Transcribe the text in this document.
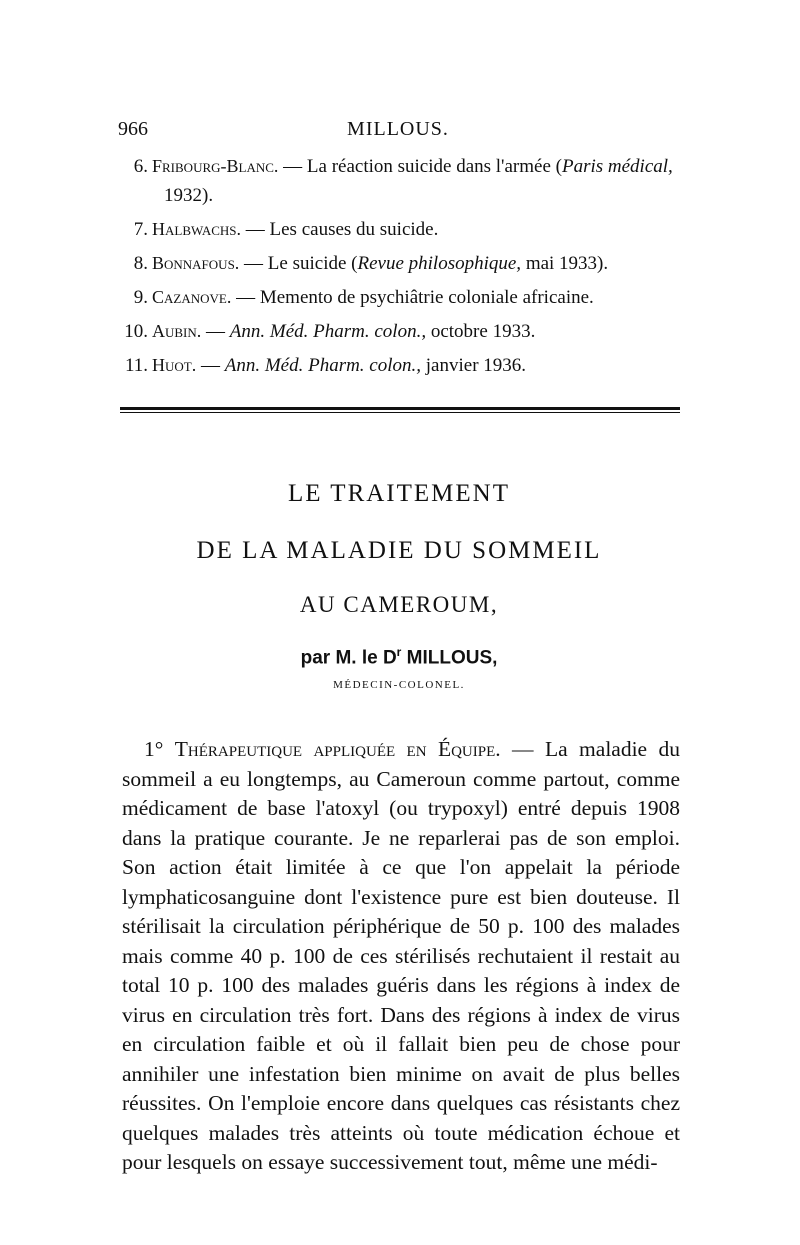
966	MILLOUS.
6. Fribourg-Blanc. — La réaction suicide dans l'armée (Paris médical,
1932).
7. Halbwachs. — Les causes du suicide.
8. Bonnafous. — Le suicide (Revue philosophique, mai 1933).
9. Cazanove. — Memento de psychiâtrie coloniale africaine.
10. Aubin. — Ann. Méd. Pharm. colon., octobre 1933.
11. Huot. — Ann. Méd. Pharm. colon., janvier 1936.
LE TRAITEMENT
DE LA MALADIE DU SOMMEIL
AU CAMEROUM,
par M. le $D^r$ MILLOUS,
MÉDECIN-COLONEL.

1° Thérapeutique appliquée en Équipe. — La maladie du sommeil a eu longtemps, au Cameroun comme partout, comme médicament de base l'atoxyl (ou trypoxyl) entré depuis 1908 dans la pratique courante. Je ne reparlerai pas de son emploi. Son action était limitée à ce que l'on appelait la période lymphaticosanguine dont l'existence pure est bien douteuse. Il stérilisait la circulation périphérique de 50 p. 100 des malades mais comme 40 p. 100 de ces stérilisés rechutaient il restait au total 10 p. 100 des malades guéris dans les régions à index de virus en circulation très fort. Dans des régions à index de virus en circulation faible et où il fallait bien peu de chose pour annihiler une infestation bien minime on avait de plus belles réussites. On l'emploie encore dans quelques cas résistants chez quelques malades très atteints où toute médication échoue et pour lesquels on essaye successivement tout, même une médi-
